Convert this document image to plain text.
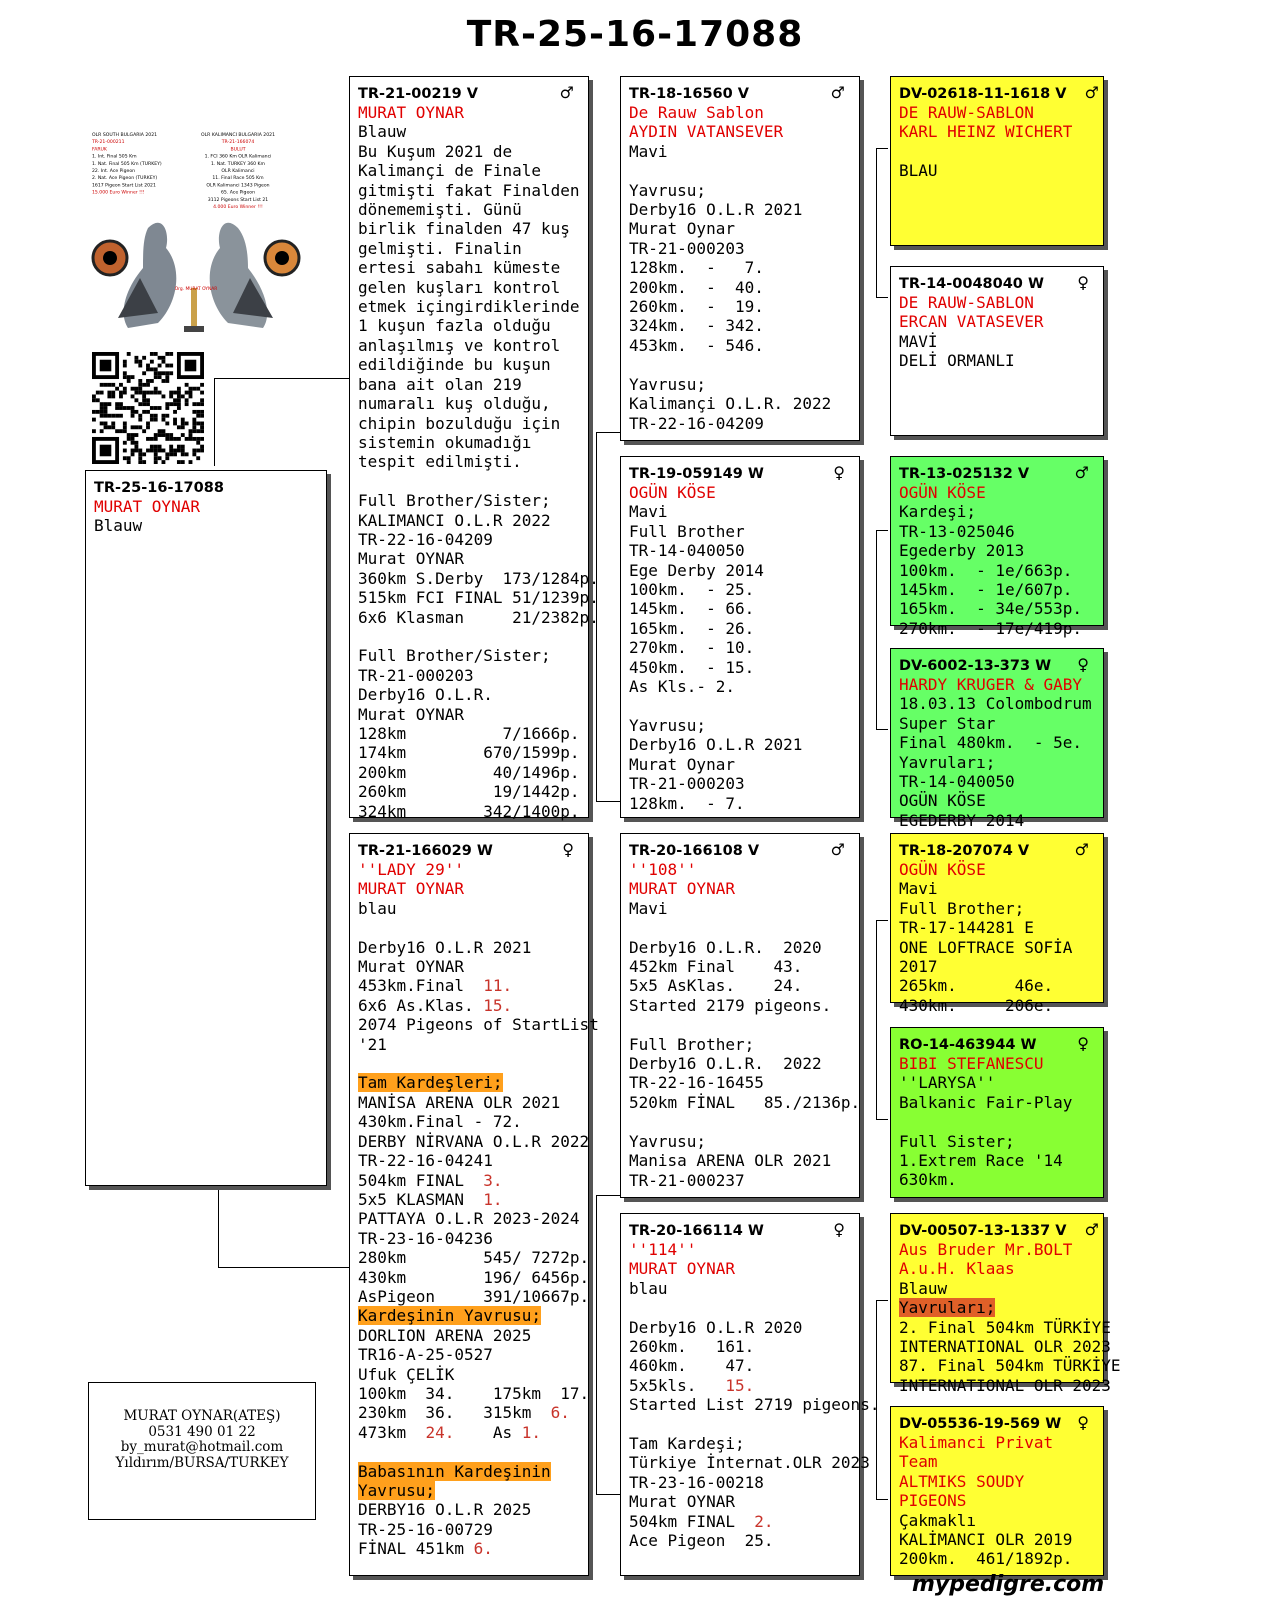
TR-25-16-17088
OLR SOUTH BULGARIA 2021
TR-21-000211
FARUK
1. Int. Final 505 Km
1. Nat. Final 505 Km (TURKEY)
22. Int. Ace Pigeon
2. Nat. Ace Pigeon (TURKEY)
1617 Pigeon Start List 2021
15.000 Euro Winner !!!
OLR KALIMANCI BULGARIA 2021
TR-21-166074
BULUT
1. FCI 360 Km OLR Kalimanci
1. Nat. TURKEY 360 Km
OLR Kalimanci
11. Final Race 505 Km
OLR Kalimanci 1343 Pigeon
65. Ace Pigeon
3112 Pigeons Start List 21
4.000 Euro Winner !!!
Org. MURAT OYNAR
TR-25-16-17088
MURAT OYNAR
Blauw
TR-21-00219 V	♂
MURAT OYNAR
Blauw
Bu Kuşum 2021 de
Kalimançi de Finale
gitmişti fakat Finalden
dönememişti. Günü
birlik finalden 47 kuş
gelmişti. Finalin
ertesi sabahı kümeste
gelen kuşları kontrol
etmek içingirdiklerinde
1 kuşun fazla olduğu
anlaşılmış ve kontrol
edildiğinde bu kuşun
bana ait olan 219
numaralı kuş olduğu,
chipin bozulduğu için
sistemin okumadığı
tespit edilmişti.

Full Brother/Sister;
KALIMANCI O.L.R 2022
TR-22-16-04209
Murat OYNAR
360km S.Derby  173/1284p.
515km FCI FINAL 51/1239p.
6x6 Klasman     21/2382p.

Full Brother/Sister;
TR-21-000203
Derby16 O.L.R.
Murat OYNAR
128km          7/1666p.
174km        670/1599p.
200km         40/1496p.
260km         19/1442p.
324km        342/1400p.
TR-21-166029 W	♀
''LADY 29''
MURAT OYNAR
blau

Derby16 O.L.R 2021
Murat OYNAR
453km.Final  11.
6x6 As.Klas. 15.
2074 Pigeons of StartList
'21

Tam Kardeşleri;
MANİSA ARENA OLR 2021
430km.Final - 72.
DERBY NİRVANA O.L.R 2022
TR-22-16-04241
504km FINAL  3.
5x5 KLASMAN  1.
PATTAYA O.L.R 2023-2024
TR-23-16-04236
280km        545/ 7272p.
430km        196/ 6456p.
AsPigeon     391/10667p.
Kardeşinin Yavrusu;
DORLION ARENA 2025
TR16-A-25-0527
Ufuk ÇELİK
100km  34.    175km  17.
230km  36.   315km  6.
473km  24.    As 1.

Babasının Kardeşinin
Yavrusu;
DERBY16 O.L.R 2025
TR-25-16-00729
FİNAL 451km 6.
TR-18-16560 V	♂
De Rauw Sablon
AYDIN VATANSEVER
Mavi

Yavrusu;
Derby16 O.L.R 2021
Murat Oynar
TR-21-000203
128km.  -   7.
200km.  -  40.
260km.  -  19.
324km.  - 342.
453km.  - 546.

Yavrusu;
Kalimançi O.L.R. 2022
TR-22-16-04209
TR-19-059149 W	♀
OGÜN KÖSE
Mavi
Full Brother
TR-14-040050
Ege Derby 2014
100km.  - 25.
145km.  - 66.
165km.  - 26.
270km.  - 10.
450km.  - 15.
As Kls.- 2.

Yavrusu;
Derby16 O.L.R 2021
Murat Oynar
TR-21-000203
128km.  - 7.
TR-20-166108 V	♂
''108''
MURAT OYNAR
Mavi

Derby16 O.L.R.  2020
452km Final    43.
5x5 AsKlas.    24.
Started 2179 pigeons.

Full Brother;
Derby16 O.L.R.  2022
TR-22-16-16455
520km FİNAL   85./2136p.

Yavrusu;
Manisa ARENA OLR 2021
TR-21-000237
TR-20-166114 W	♀
''114''
MURAT OYNAR
blau

Derby16 O.L.R 2020
260km.   161.
460km.    47.
5x5kls.   15.
Started List 2719 pigeons.

Tam Kardeşi;
Türkiye İnternat.OLR 2023
TR-23-16-00218
Murat OYNAR
504km FINAL  2.
Ace Pigeon  25.
DV-02618-11-1618 V	♂
DE RAUW-SABLON
KARL HEINZ WICHERT

BLAU
TR-14-0048040 W	♀
DE RAUW-SABLON
ERCAN VATASEVER
MAVİ
DELİ ORMANLI
TR-13-025132 V	♂
OGÜN KÖSE
Kardeşi;
TR-13-025046
Egederby 2013
100km.  - 1e/663p.
145km.  - 1e/607p.
165km.  - 34e/553p.
270km.  - 17e/419p.
DV-6002-13-373 W	♀
HARDY KRUGER & GABY
18.03.13 Colombodrum
Super Star
Final 480km.  - 5e.
Yavruları;
TR-14-040050
OGÜN KÖSE
EGEDERBY 2014
TR-18-207074 V	♂
OGÜN KÖSE
Mavi
Full Brother;
TR-17-144281 E
ONE LOFTRACE SOFİA
2017
265km.      46e.
430km.     206e.
RO-14-463944 W	♀
BIBI STEFANESCU
''LARYSA''
Balkanic Fair-Play

Full Sister;
1.Extrem Race '14
630km.
DV-00507-13-1337 V	♂
Aus Bruder Mr.BOLT
A.u.H. Klaas
Blauw
Yavruları;
2. Final 504km TÜRKİYE
INTERNATIONAL OLR 2023
87. Final 504km TÜRKİYE
INTERNATIONAL OLR 2023
DV-05536-19-569 W	♀
Kalimanci Privat
Team
ALTMIKS SOUDY
PIGEONS
Çakmaklı
KALİMANCI OLR 2019
200km.  461/1892p.
MURAT OYNAR(ATEŞ)
0531 490 01 22
by_murat@hotmail.com
Yıldırım/BURSA/TURKEY
mypedigre.com
